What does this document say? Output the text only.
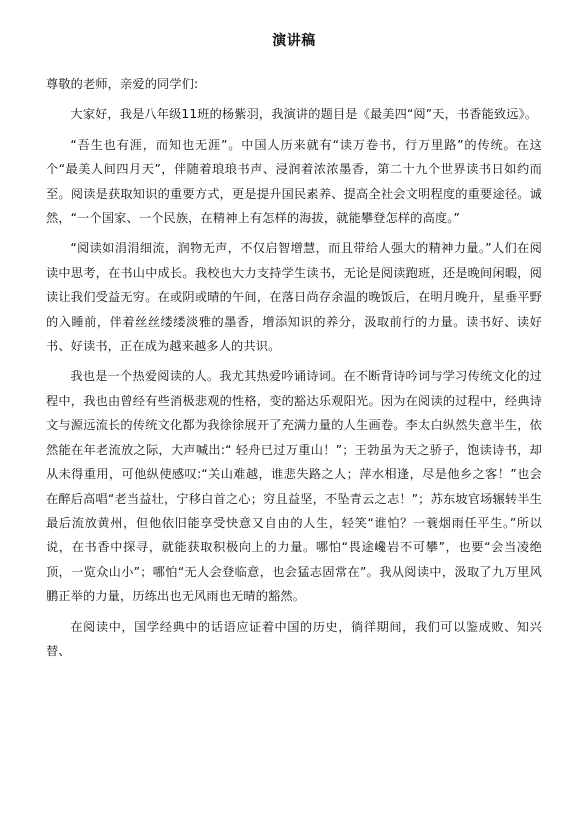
演讲稿

尊敬的老师，亲爱的同学们:

大家好，我是八年级11班的杨紫羽，我演讲的题目是《最美四“阅”天，书香能致远》。

“吾生也有涯，而知也无涯”。中国人历来就有“读万卷书，行万里路”的传统。在这个“最美人间四月天”，伴随着琅琅书声、浸润着浓浓墨香，第二十九个世界读书日如约而至。阅读是获取知识的重要方式，更是提升国民素养、提高全社会文明程度的重要途径。诚然，“一个国家、一个民族，在精神上有怎样的海拔，就能攀登怎样的高度。”

“阅读如涓涓细流，润物无声，不仅启智增慧，而且带给人强大的精神力量。”人们在阅读中思考，在书山中成长。我校也大力支持学生读书，无论是阅读跑班，还是晚间闲暇，阅读让我们受益无穷。在或阴或晴的午间，在落日尚存余温的晚饭后，在明月晚升，星垂平野的入睡前，伴着丝丝缕缕淡雅的墨香，增添知识的养分，汲取前行的力量。读书好、读好书、好读书，正在成为越来越多人的共识。

我也是一个热爱阅读的人。我尤其热爱吟诵诗词。在不断背诗吟词与学习传统文化的过程中，我也由曾经有些消极悲观的性格，变的豁达乐观阳光。因为在阅读的过程中，经典诗文与源远流长的传统文化都为我徐徐展开了充满力量的人生画卷。李太白纵然失意半生，依然能在年老流放之际，大声喊出:“ 轻舟已过万重山！”；王勃虽为天之骄子，饱读诗书，却从未得重用，可他纵使感叹:“关山难越，谁悲失路之人；萍水相逢，尽是他乡之客！”也会在醉后高唱“老当益壮，宁移白首之心；穷且益坚，不坠青云之志！”；苏东坡官场辗转半生最后流放黄州，但他依旧能享受快意又自由的人生，轻笑“谁怕？一蓑烟雨任平生。”所以说，在书香中探寻，就能获取积极向上的力量。哪怕“畏途巉岩不可攀”，也要“会当凌绝顶，一览众山小”；哪怕“无人会登临意，也会猛志固常在”。我从阅读中，汲取了九万里风鹏正举的力量，历练出也无风雨也无晴的豁然。

在阅读中，国学经典中的话语应证着中国的历史，徜徉期间，我们可以鉴成败、知兴替、
